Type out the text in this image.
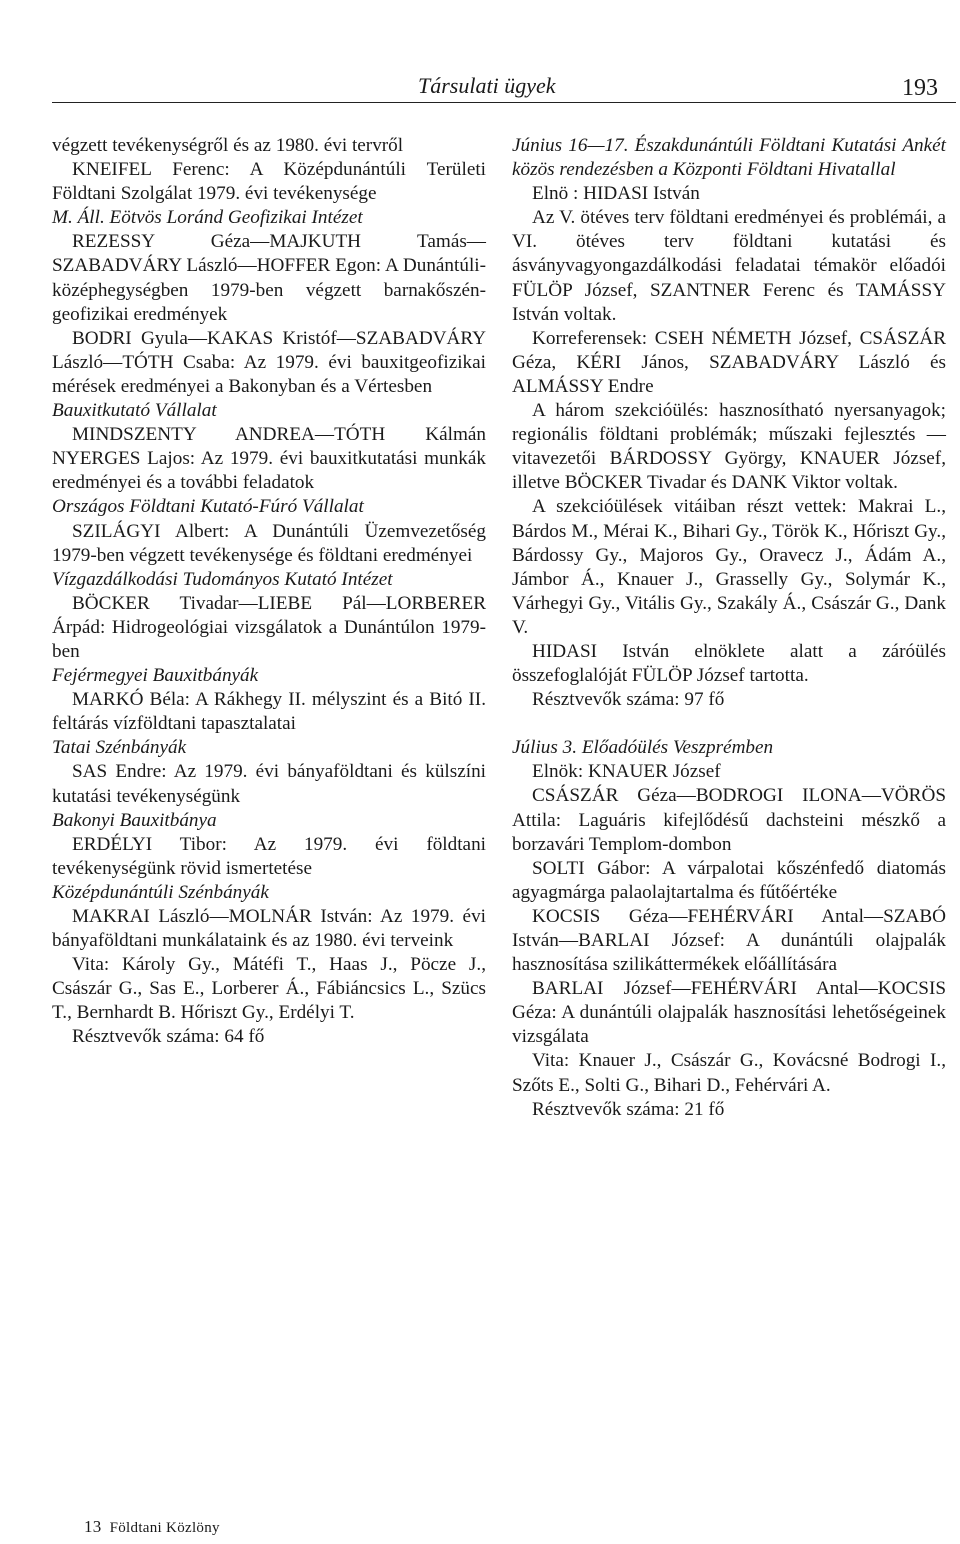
Társulati ügyek	193

végzett tevékenységről és az 1980. évi tervről

KNEIFEL Ferenc: A Középdunántúli Területi Földtani Szolgálat 1979. évi tevékenysége

M. Áll. Eötvös Loránd Geofizikai Intézet

REZESSY Géza—MAJKUTH Tamás—SZABADVÁRY László—HOFFER Egon: A Dunántúli-középhegységben 1979-ben végzett barnakőszén-geofizikai eredmények

BODRI Gyula—KAKAS Kristóf—SZABADVÁRY László—TÓTH Csaba: Az 1979. évi bauxitgeofizikai mérések eredményei a Bakonyban és a Vértesben

Bauxitkutató Vállalat

MINDSZENTY ANDREA—TÓTH Kálmán NYERGES Lajos: Az 1979. évi bauxitkutatási munkák eredményei és a további feladatok

Országos Földtani Kutató-Fúró Vállalat

SZILÁGYI Albert: A Dunántúli Üzemvezetőség 1979-ben végzett tevékenysége és földtani eredményei

Vízgazdálkodási Tudományos Kutató Intézet

BÖCKER Tivadar—LIEBE Pál—LORBERER Árpád: Hidrogeológiai vizsgálatok a Dunántúlon 1979-ben

Fejérmegyei Bauxitbányák

MARKÓ Béla: A Rákhegy II. mélyszint és a Bitó II. feltárás vízföldtani tapasztalatai

Tatai Szénbányák

SAS Endre: Az 1979. évi bányaföldtani és külszíni kutatási tevékenységünk

Bakonyi Bauxitbánya

ERDÉLYI Tibor: Az 1979. évi földtani tevékenységünk rövid ismertetése

Középdunántúli Szénbányák

MAKRAI László—MOLNÁR István: Az 1979. évi bányaföldtani munkálataink és az 1980. évi terveink

Vita: Károly Gy., Mátéfi T., Haas J., Pöcze J., Császár G., Sas E., Lorberer Á., Fábiáncsics L., Szücs T., Bernhardt B. Hőriszt Gy., Erdélyi T.

Résztvevők száma: 64 fő

Június 16—17. Északdunántúli Földtani Kutatási Ankét közös rendezésben a Központi Földtani Hivatallal

Elnö : HIDASI István

Az V. ötéves terv földtani eredményei és problémái, a VI. ötéves terv földtani kutatási és ásványvagyongazdálkodási feladatai témakör előadói FÜLÖP József, SZANTNER Ferenc és TAMÁSSY István voltak.

Korreferensek: CSEH NÉMETH József, CSÁSZÁR Géza, KÉRI János, SZABADVÁRY László és ALMÁSSY Endre

A három szekcióülés: hasznosítható nyersanyagok; regionális földtani problémák; műszaki fejlesztés — vitavezetői BÁRDOSSY György, KNAUER József, illetve BÖCKER Tivadar és DANK Viktor voltak.

A szekcióülések vitáiban részt vettek: Makrai L., Bárdos M., Mérai K., Bihari Gy., Török K., Hőriszt Gy., Bárdossy Gy., Majoros Gy., Oravecz J., Ádám A., Jámbor Á., Knauer J., Grasselly Gy., Solymár K., Várhegyi Gy., Vitális Gy., Szakály Á., Császár G., Dank V.

HIDASI István elnöklete alatt a záróülés összefoglalóját FÜLÖP József tartotta.

Résztvevők száma: 97 fő

Július 3. Előadóülés Veszprémben

Elnök: KNAUER József

CSÁSZÁR Géza—BODROGI ILONA—VÖRÖS Attila: Laguáris kifejlődésű dachsteini mészkő a borzavári Templom-dombon

SOLTI Gábor: A várpalotai kőszénfedő diatomás agyagmárga palaolajtartalma és fűtőértéke

KOCSIS Géza—FEHÉRVÁRI Antal—SZABÓ István—BARLAI József: A dunántúli olajpalák hasznosítása szilikáttermékek előállítására

BARLAI József—FEHÉRVÁRI Antal—KOCSIS Géza: A dunántúli olajpalák hasznosítási lehetőségeinek vizsgálata

Vita: Knauer J., Császár G., Kovácsné Bodrogi I., Szőts E., Solti G., Bihari D., Fehérvári A.

Résztvevők száma: 21 fő

13 Földtani Közlöny
